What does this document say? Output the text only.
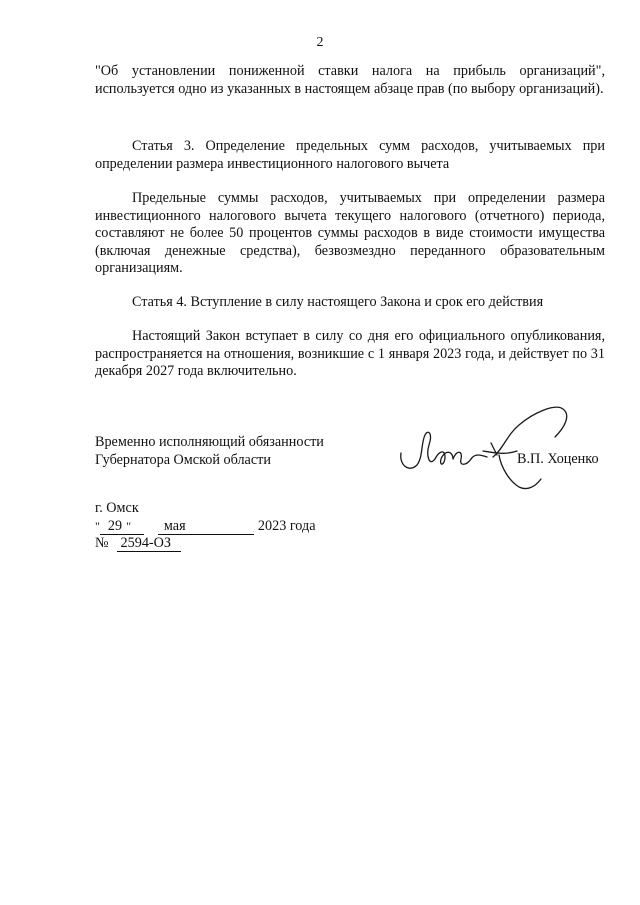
2

"Об установлении пониженной ставки налога на прибыль организаций", используется одно из указанных в настоящем абзаце прав (по выбору организаций).

Статья 3. Определение предельных сумм расходов, учитываемых при определении размера инвестиционного налогового вычета

Предельные суммы расходов, учитываемых при определении размера инвестиционного налогового вычета текущего налогового (отчетного) периода, составляют не более 50 процентов суммы расходов в виде стоимости имущества (включая денежные средства), безвозмездно переданного образовательным организациям.

Статья 4. Вступление в силу настоящего Закона и срок его действия

Настоящий Закон вступает в силу со дня его официального опубликования, распространяется на отношения, возникшие с 1 января 2023 года, и действует по 31 декабря 2027 года включительно.

Временно исполняющий обязанности
Губернатора Омской области	В.П. Хоценко
г. Омск
" 29 " мая	2023 года
№ 2594-ОЗ
